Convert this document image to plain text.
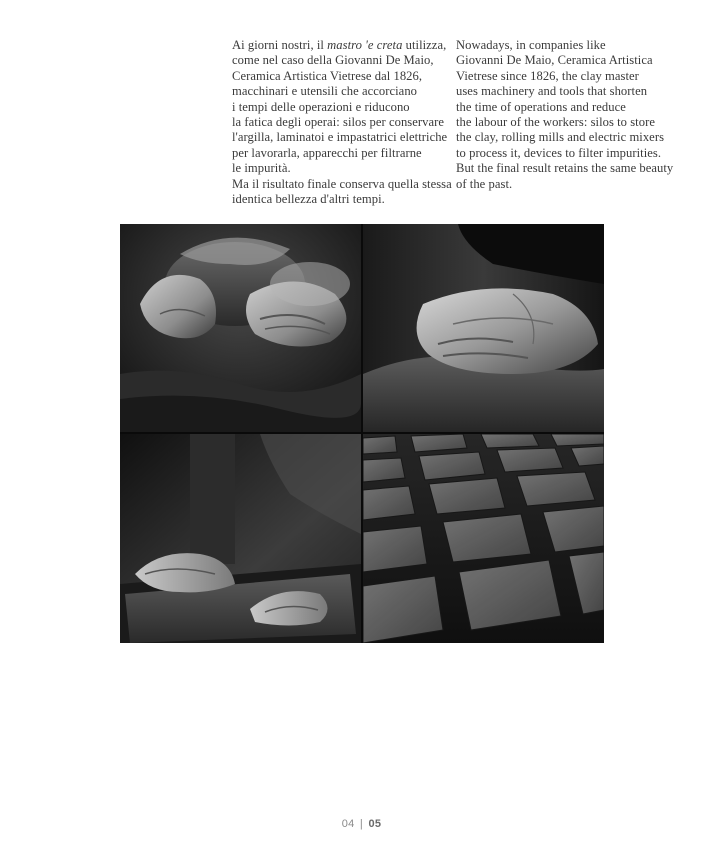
Ai giorni nostri, il mastro 'e creta utilizza,
come nel caso della Giovanni De Maio,
Ceramica Artistica Vietrese dal 1826,
macchinari e utensili che accorciano
i tempi delle operazioni e riducono
la fatica degli operai: silos per conservare
l'argilla, laminatoi e impastatrici elettriche
per lavorarla, apparecchi per filtrarne
le impurità.
Ma il risultato finale conserva quella stessa
identica bellezza d'altri tempi.
Nowadays, in companies like
Giovanni De Maio, Ceramica Artistica
Vietrese since 1826, the clay master
uses machinery and tools that shorten
the time of operations and reduce
the labour of the workers: silos to store
the clay, rolling mills and electric mixers
to process it, devices to filter impurities.
But the final result retains the same beauty
of the past.
04 | 05
